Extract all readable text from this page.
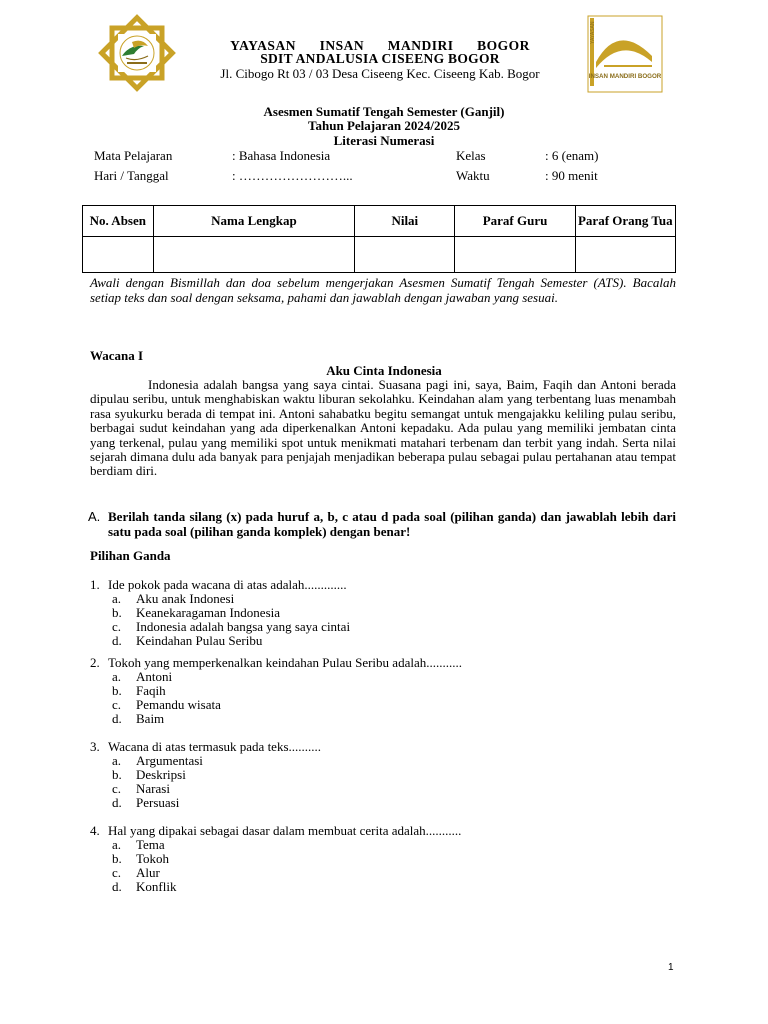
YAYASAN   INSAN   MANDIRI   BOGOR
SDIT ANDALUSIA CISEENG BOGOR
Jl. Cibogo Rt 03 / 03 Desa Ciseeng Kec. Ciseeng Kab. Bogor
YAYASAN
INSAN MANDIRI BOGOR
Asesmen Sumatif Tengah Semester (Ganjil)
Tahun Pelajaran 2024/2025
Literasi Numerasi
Mata Pelajaran	: Bahasa Indonesia	Kelas	: 6 (enam)
Hari / Tanggal	: ……………………...	Waktu	: 90 menit
No. Absen	Nama Lengkap	Nilai	Paraf Guru	Paraf Orang Tua

Awali dengan Bismillah dan doa sebelum mengerjakan Asesmen Sumatif Tengah Semester (ATS). Bacalah setiap teks dan soal dengan seksama, pahami dan jawablah dengan jawaban yang sesuai.
Wacana I
Aku Cinta Indonesia
Indonesia adalah bangsa yang saya cintai. Suasana pagi ini, saya, Baim, Faqih dan Antoni berada dipulau seribu, untuk menghabiskan waktu liburan sekolahku. Keindahan alam yang terbentang luas menambah rasa syukurku berada di tempat ini. Antoni sahabatku begitu semangat untuk mengajakku keliling pulau seribu, berbagai sudut keindahan yang ada diperkenalkan Antoni kepadaku. Ada pulau yang memiliki jembatan cinta yang terkenal, pulau yang memiliki spot untuk menikmati matahari terbenam dan terbit yang indah. Serta nilai sejarah dimana dulu ada banyak para penjajah menjadikan beberapa pulau sebagai pulau pertahanan atau tempat berdiam diri.
A. Berilah tanda silang (x) pada huruf a, b, c atau d pada soal (pilihan ganda) dan jawablah lebih dari satu pada soal (pilihan ganda komplek) dengan benar!
Pilihan Ganda
1. Ide pokok pada wacana di atas adalah.............
a. Aku anak Indonesi
b. Keanekaragaman Indonesia
c. Indonesia adalah bangsa yang saya cintai
d. Keindahan Pulau Seribu
2. Tokoh yang memperkenalkan keindahan Pulau Seribu adalah...........
a. Antoni
b. Faqih
c. Pemandu wisata
d. Baim
3. Wacana di atas termasuk pada teks..........
a. Argumentasi
b. Deskripsi
c. Narasi
d. Persuasi
4. Hal yang dipakai sebagai dasar dalam membuat cerita adalah...........
a. Tema
b. Tokoh
c. Alur
d. Konflik
1
